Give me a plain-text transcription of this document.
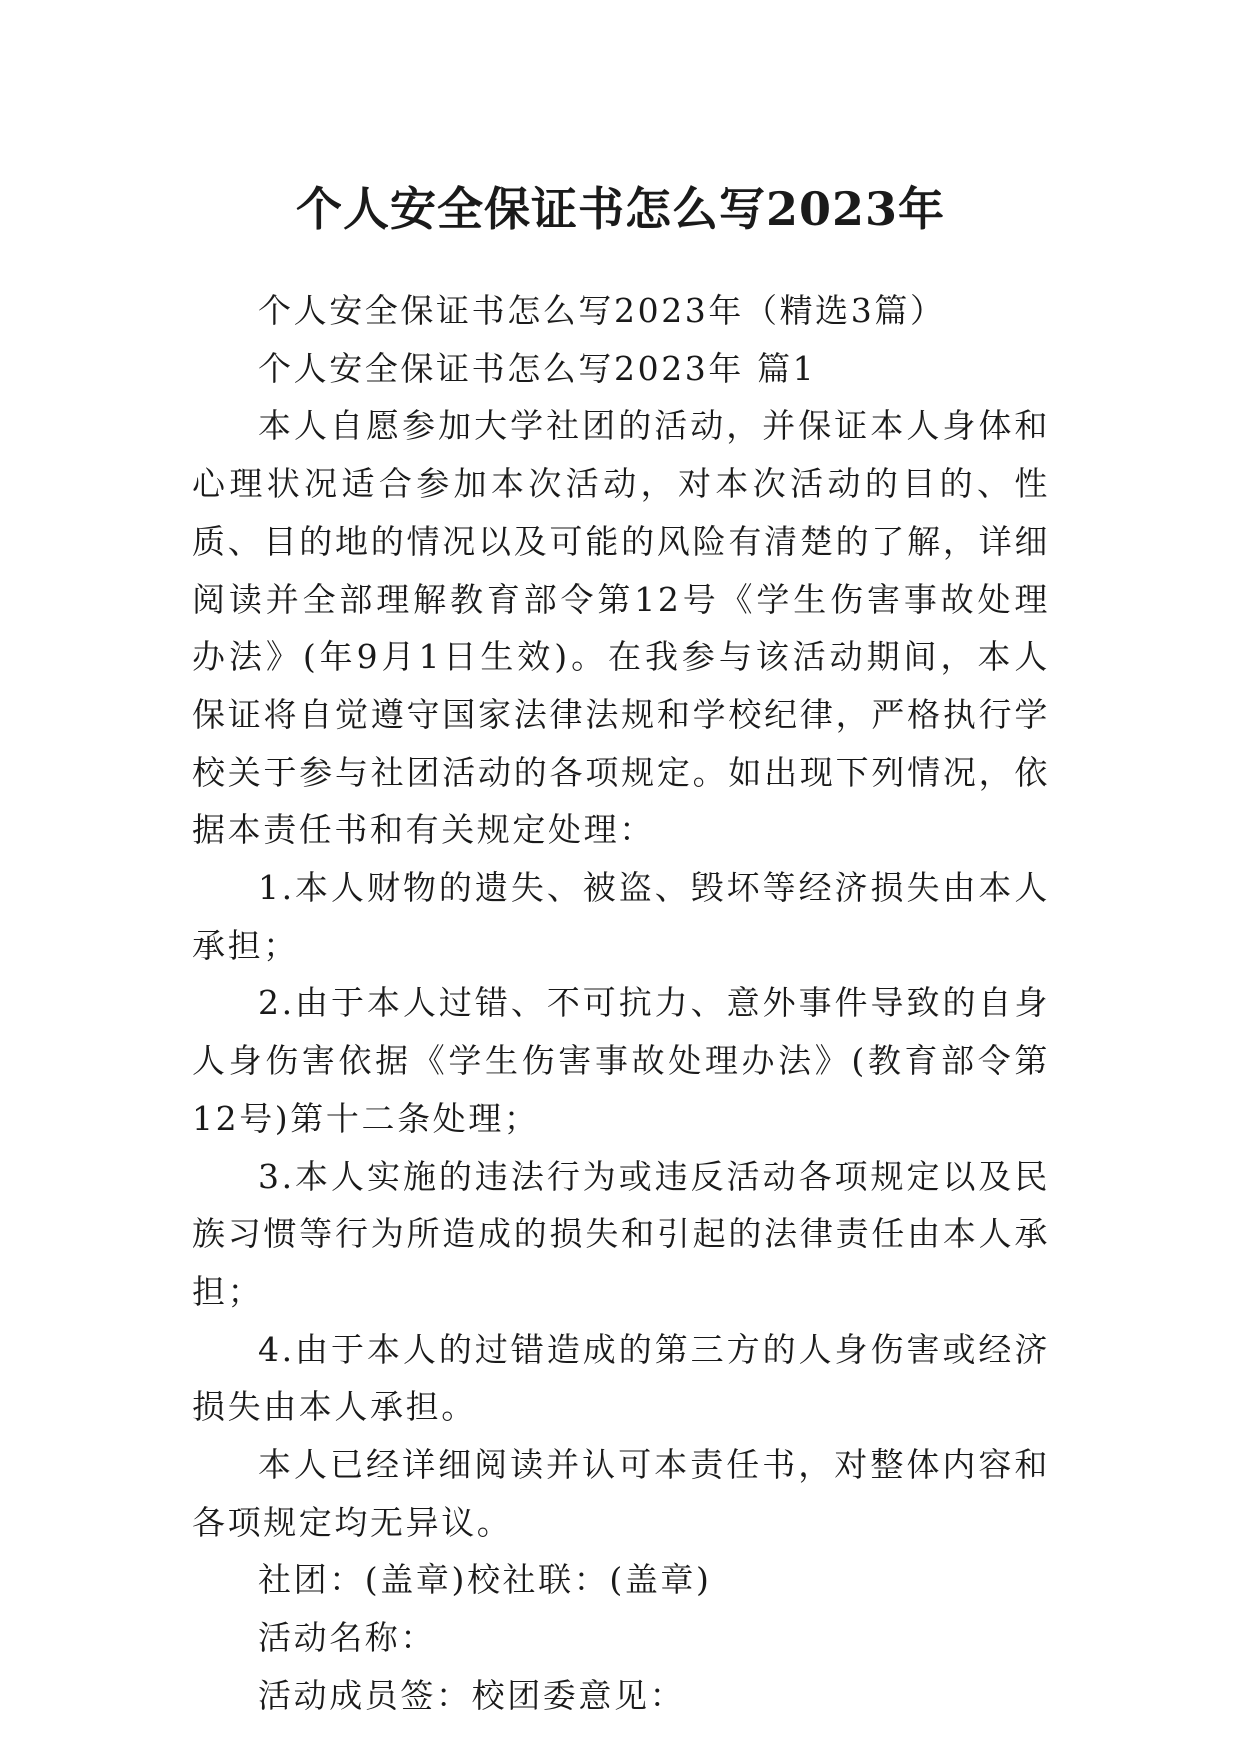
个人安全保证书怎么写2023年

个人安全保证书怎么写2023年（精选3篇）

个人安全保证书怎么写2023年 篇1

本人自愿参加大学社团的活动，并保证本人身体和心理状况适合参加本次活动，对本次活动的目的、性质、目的地的情况以及可能的风险有清楚的了解，详细阅读并全部理解教育部令第12号《学生伤害事故处理办法》(年9月1日生效)。在我参与该活动期间，本人保证将自觉遵守国家法律法规和学校纪律，严格执行学校关于参与社团活动的各项规定。如出现下列情况，依据本责任书和有关规定处理：

1.本人财物的遗失、被盗、毁坏等经济损失由本人承担；

2.由于本人过错、不可抗力、意外事件导致的自身人身伤害依据《学生伤害事故处理办法》(教育部令第12号)第十二条处理；

3.本人实施的违法行为或违反活动各项规定以及民族习惯等行为所造成的损失和引起的法律责任由本人承担；

4.由于本人的过错造成的第三方的人身伤害或经济损失由本人承担。

本人已经详细阅读并认可本责任书，对整体内容和各项规定均无异议。

社团：(盖章)校社联：(盖章)

活动名称：

活动成员签：校团委意见：
